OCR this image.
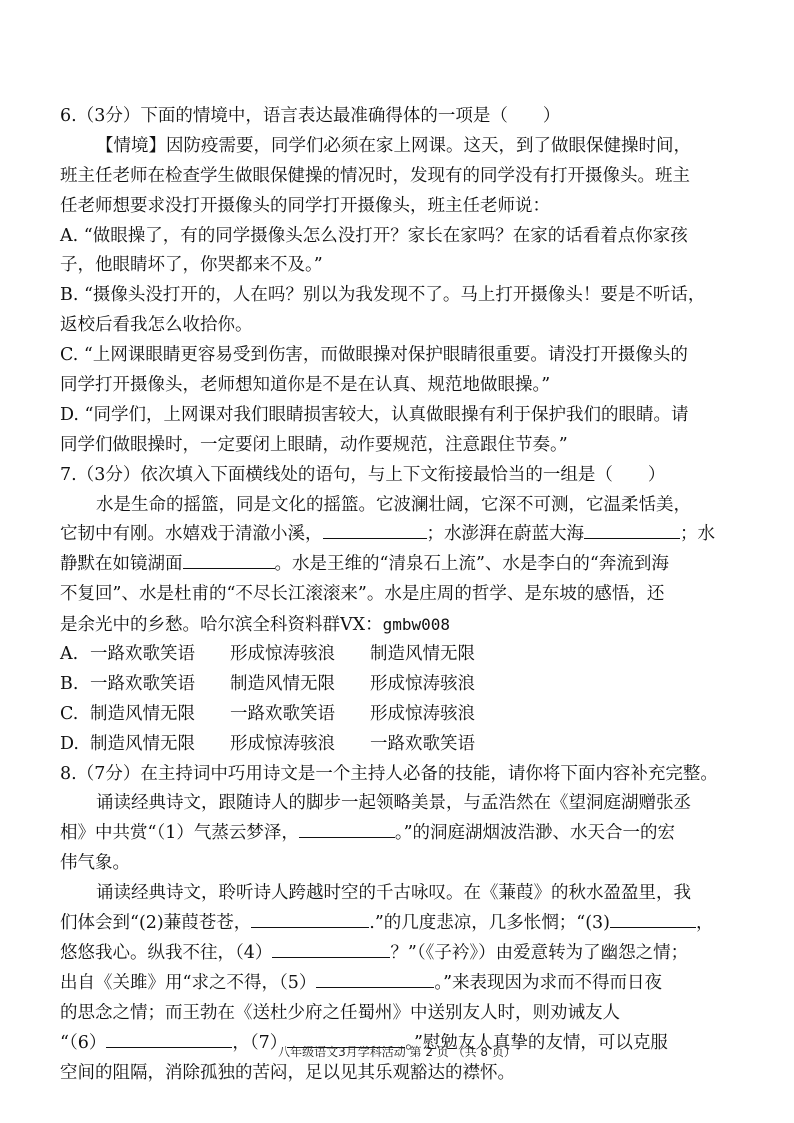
6.（3分）下面的情境中，语言表达最准确得体的一项是（　　）
【情境】因防疫需要，同学们必须在家上网课。这天，到了做眼保健操时间，
班主任老师在检查学生做眼保健操的情况时，发现有的同学没有打开摄像头。班主
任老师想要求没打开摄像头的同学打开摄像头，班主任老师说：
A. “做眼操了，有的同学摄像头怎么没打开？家长在家吗？在家的话看着点你家孩
子，他眼睛坏了，你哭都来不及。”
B. “摄像头没打开的，人在吗？别以为我发现不了。马上打开摄像头！要是不听话，
返校后看我怎么收拾你。
C. “上网课眼睛更容易受到伤害，而做眼操对保护眼睛很重要。请没打开摄像头的
同学打开摄像头，老师想知道你是不是在认真、规范地做眼操。”
D. “同学们，上网课对我们眼睛损害较大，认真做眼操有利于保护我们的眼睛。请
同学们做眼操时，一定要闭上眼睛，动作要规范，注意跟住节奏。”
7.（3分）依次填入下面横线处的语句，与上下文衔接最恰当的一组是（　　）
水是生命的摇篮，同是文化的摇篮。它波澜壮阔，它深不可测，它温柔恬美，
它韧中有刚。水嬉戏于清澈小溪，	；水澎湃在蔚蓝大海	；水
静默在如镜湖面	。水是王维的“清泉石上流”、水是李白的“奔流到海
不复回”、水是杜甫的“不尽长江滚滚来”。水是庄周的哲学、是东坡的感悟，还
是余光中的乡愁。哈尔滨全科资料群VX：gmbw008
A. 一路欢歌笑语	形成惊涛骇浪	制造风情无限
B. 一路欢歌笑语	制造风情无限	形成惊涛骇浪
C. 制造风情无限	一路欢歌笑语	形成惊涛骇浪
D. 制造风情无限	形成惊涛骇浪	一路欢歌笑语
8.（7分）在主持词中巧用诗文是一个主持人必备的技能，请你将下面内容补充完整。
诵读经典诗文，跟随诗人的脚步一起领略美景，与孟浩然在《望洞庭湖赠张丞
相》中共赏“（1）气蒸云梦泽，	。”的洞庭湖烟波浩渺、水天合一的宏
伟气象。
诵读经典诗文，聆听诗人跨越时空的千古咏叹。在《蒹葭》的秋水盈盈里，我
们体会到“(2)蒹葭苍苍，	.”的几度悲凉，几多怅惘；“(3)	，
悠悠我心。纵我不往，（4）	？”（《子衿》）由爱意转为了幽怨之情；
出自《关雎》用“求之不得，（5）	。”来表现因为求而不得而日夜
的思念之情；而王勃在《送杜少府之任蜀州》中送别友人时，则劝诫友人
“（6）	，（7）	。”慰勉友人真挚的友情，可以克服
空间的阻隔，消除孤独的苦闷，足以见其乐观豁达的襟怀。
八年级语文3月学科活动 第 2 页 （共 8 页）
